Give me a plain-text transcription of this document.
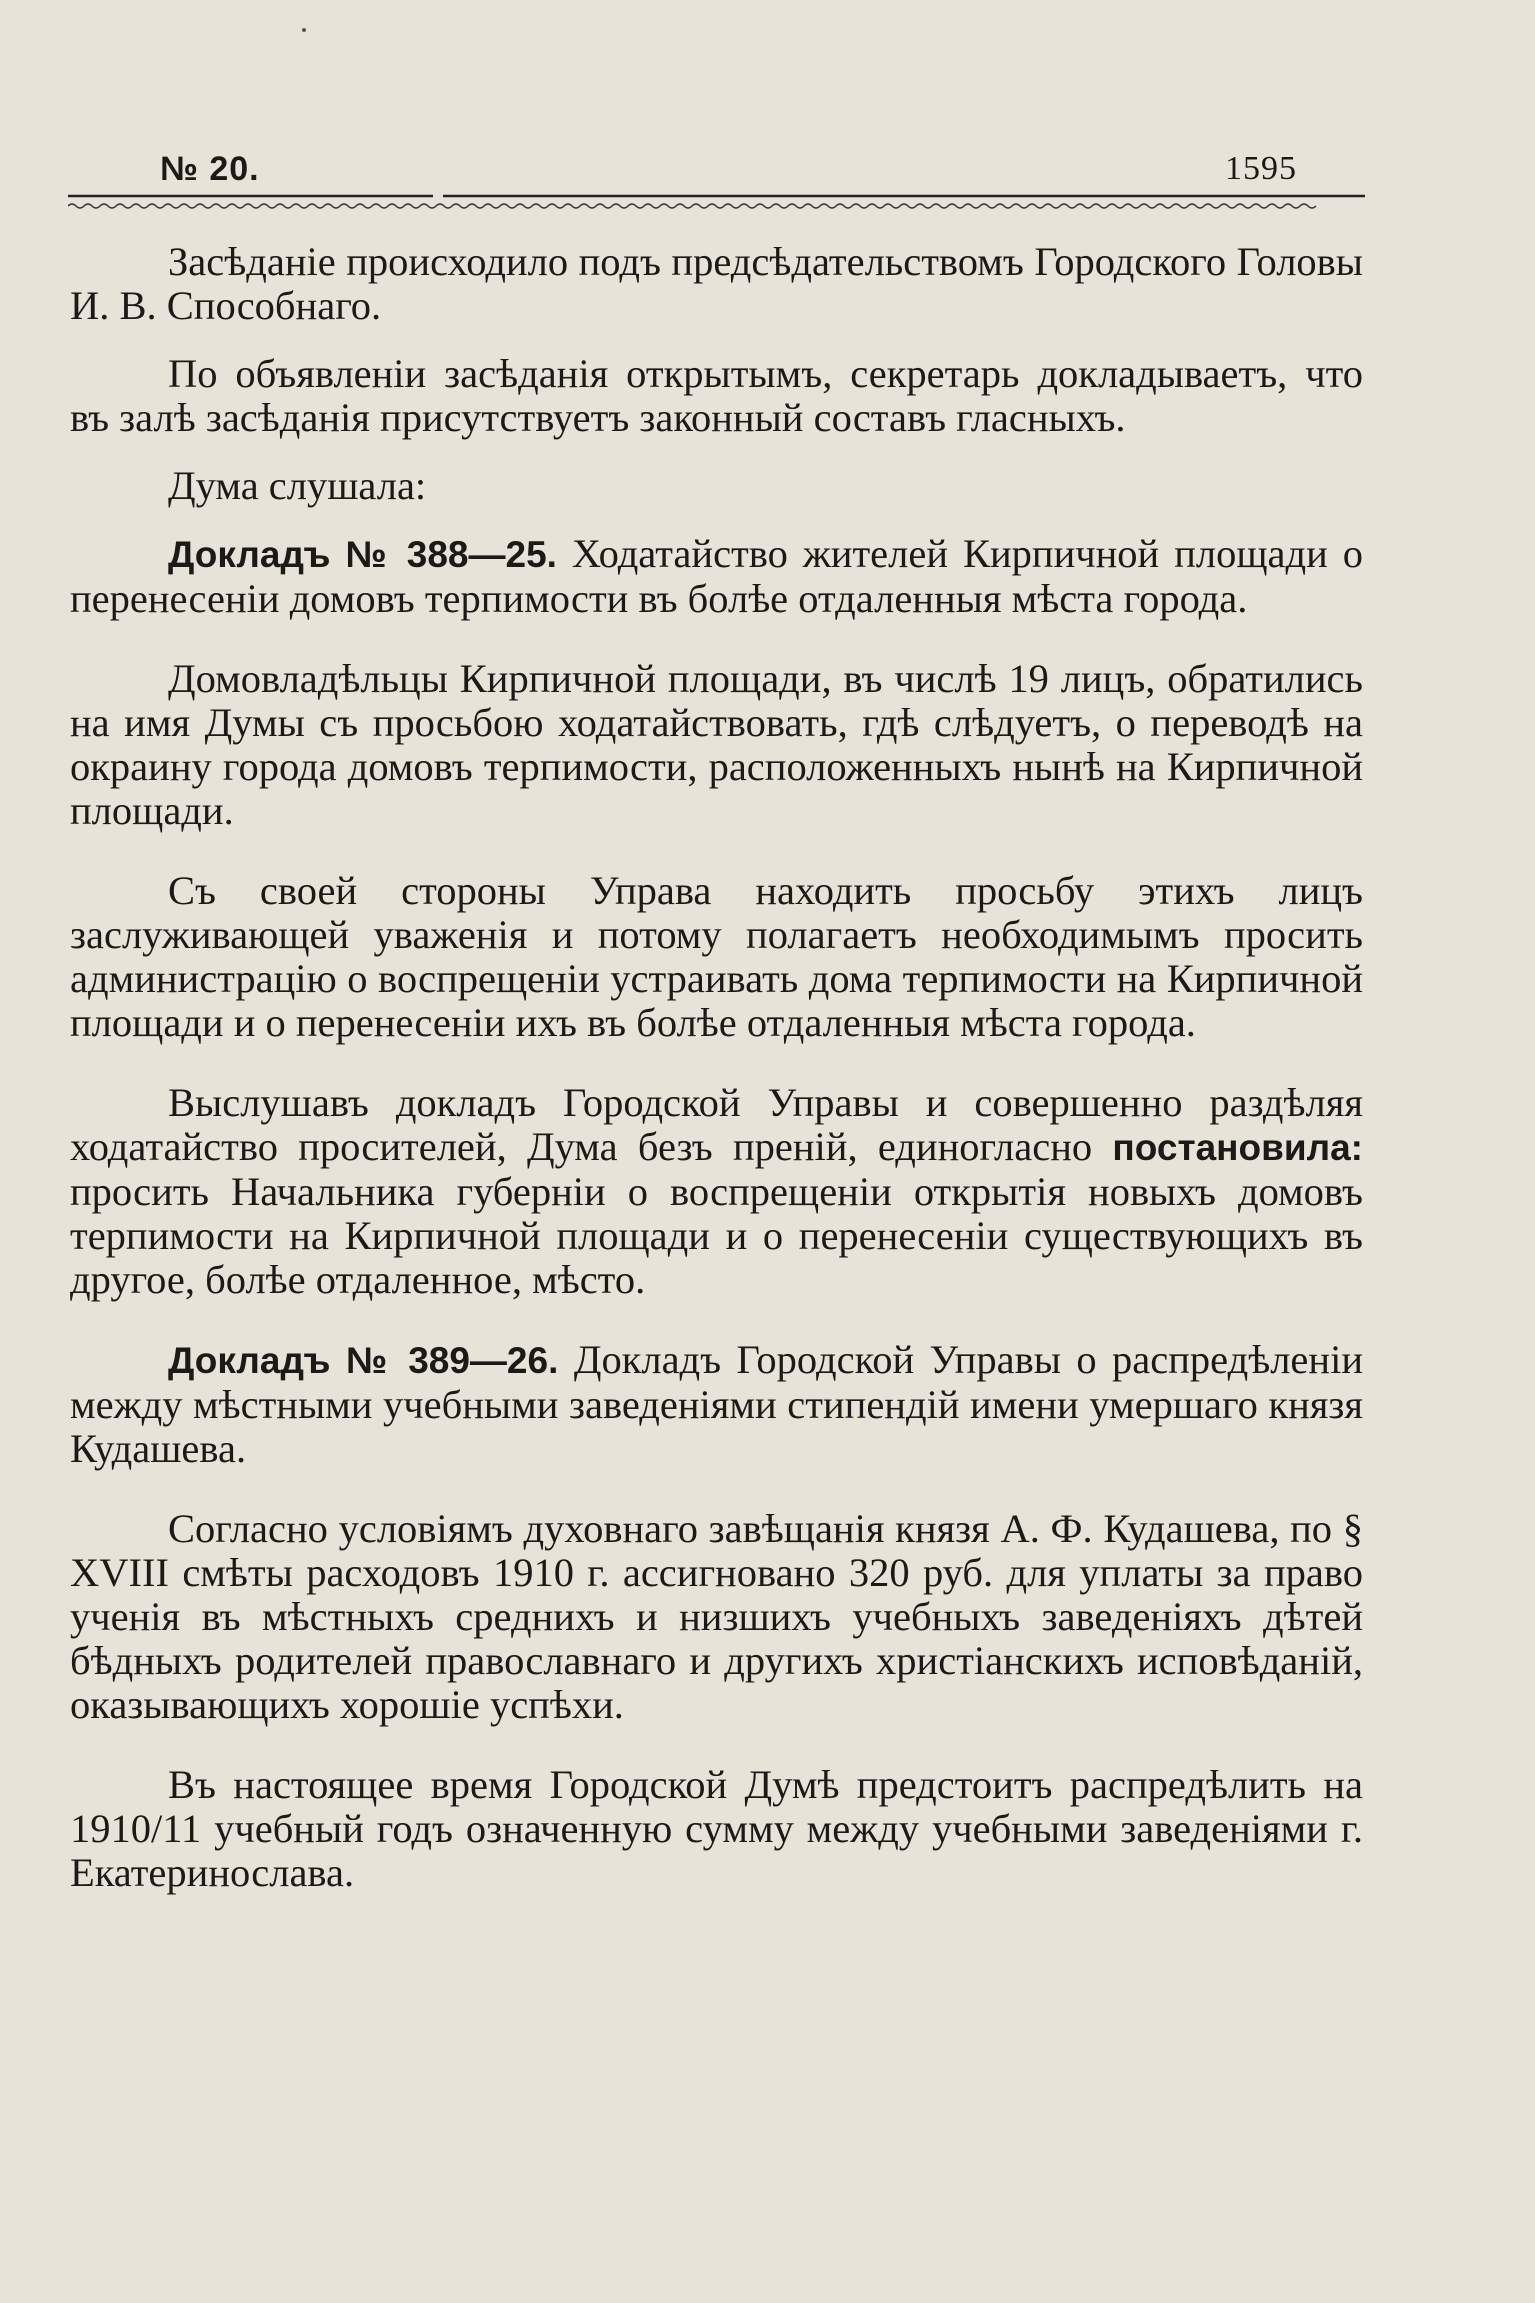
№ 20.	1595

Засѣданіе происходило подъ предсѣдательствомъ Городского Головы И. В. Способнаго.

По объявленіи засѣданія открытымъ, секретарь докладываетъ, что въ залѣ засѣданія присутствуетъ законный составъ гласныхъ.

Дума слушала:

Докладъ № 388—25. Ходатайство жителей Кирпичной площади о перенесеніи домовъ терпимости въ болѣе отдаленныя мѣста города.

Домовладѣльцы Кирпичной площади, въ числѣ 19 лицъ, обратились на имя Думы съ просьбою ходатайствовать, гдѣ слѣдуетъ, о переводѣ на окраину города домовъ терпимости, расположенныхъ нынѣ на Кирпичной площади.

Съ своей стороны Управа находить просьбу этихъ лицъ заслуживающей уваженія и потому полагаетъ необходимымъ просить администрацію о воспрещеніи устраивать дома терпимости на Кирпичной площади и о перенесеніи ихъ въ болѣе отдаленныя мѣста города.

Выслушавъ докладъ Городской Управы и совершенно раздѣляя ходатайство просителей, Дума безъ преній, единогласно постановила: просить Начальника губерніи о воспрещеніи открытія новыхъ домовъ терпимости на Кирпичной площади и о перенесеніи существующихъ въ другое, болѣе отдаленное, мѣсто.

Докладъ № 389—26. Докладъ Городской Управы о распредѣленіи между мѣстными учебными заведеніями стипендій имени умершаго князя Кудашева.

Согласно условіямъ духовнаго завѣщанія князя А. Ф. Кудашева, по § XVIII смѣты расходовъ 1910 г. ассигновано 320 руб. для уплаты за право ученія въ мѣстныхъ среднихъ и низшихъ учебныхъ заведеніяхъ дѣтей бѣдныхъ родителей православнаго и другихъ христіанскихъ исповѣданій, оказывающихъ хорошіе успѣхи.

Въ настоящее время Городской Думѣ предстоитъ распредѣлить на 1910/11 учебный годъ означенную сумму между учебными заведеніями г. Екатеринослава.
